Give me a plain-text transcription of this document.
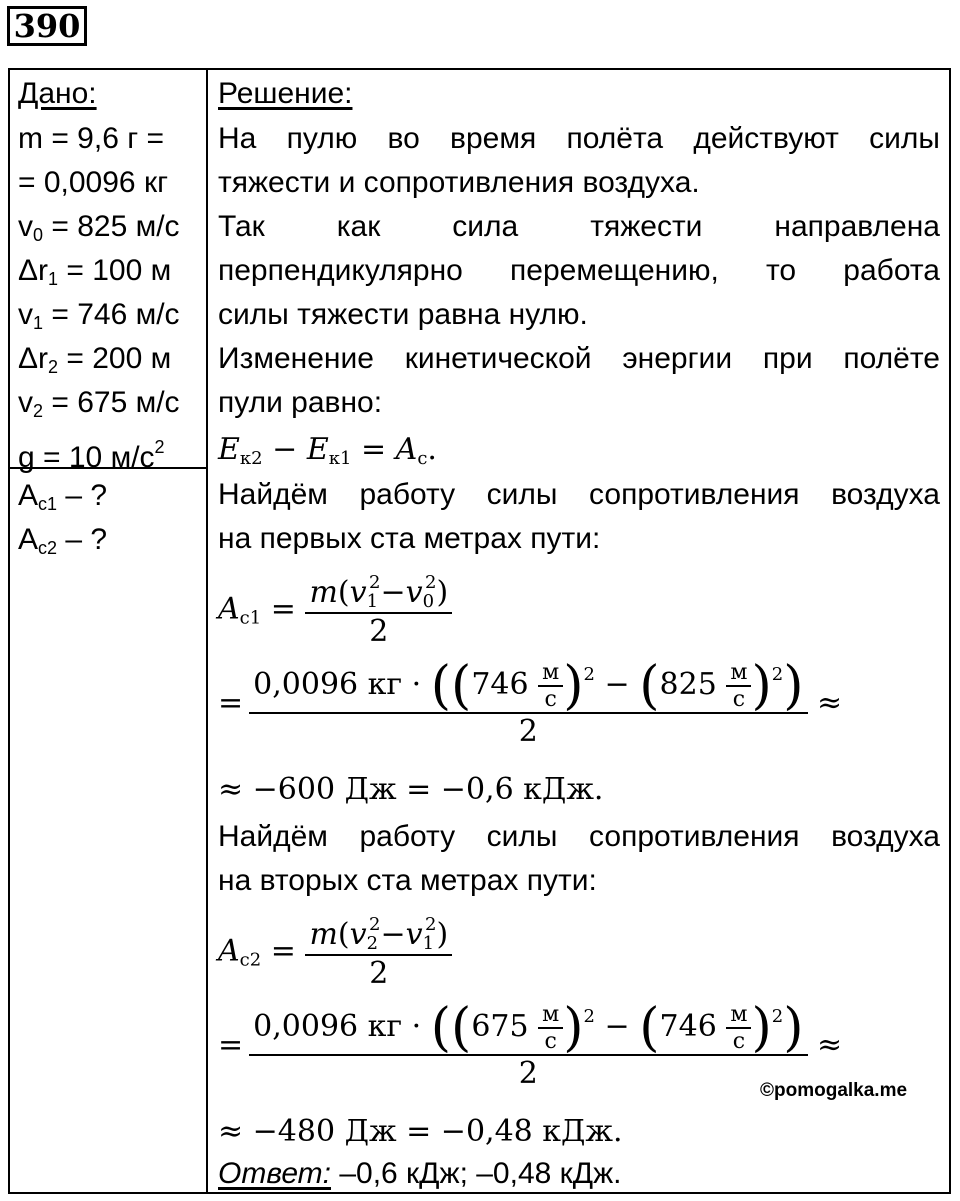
390
Дано:
m = 9,6 г =
= 0,0096 кг
$v_0 = 825$ м/с
$\Delta r_1 = 100$ м
$v_1 = 746$ м/с
$\Delta r_2 = 200$ м
$v_2 = 675$ м/с
g = 10 $м/с^2$
$A_{c1}$ – ?
$A_{c2}$ – ?
Решение:
На пулю во время полёта действуют силы
тяжести и сопротивления воздуха.
Так как сила тяжести направлена
перпендикулярно перемещению, то работа
силы тяжести равна нулю.
Изменение кинетической энергии при полёте
пули равно:
$E_{к2} - E_{к1} = A_с$.
Найдём работу силы сопротивления воздуха
на первых ста метрах пути:
$A_{с1} = \frac{m(v_1^2-v_0^2)}{2}$
= $\frac{0,0096 кг \cdot ((746 \frac{м}{с} )^2 - (825 \frac{м}{с} )^2)}{2}$ ≈
≈ −600 Дж = −0,6 кДж.
Найдём работу силы сопротивления воздуха
на вторых ста метрах пути:
$A_{с2} = \frac{m(v_2^2-v_1^2)}{2}$
= $\frac{0,0096 кг \cdot ((675 \frac{м}{с} )^2 - (746 \frac{м}{с} )^2)}{2}$ ≈
©pomogalka.me
≈ −480 Дж = −0,48 кДж.
Ответ: –0,6 кДж; –0,48 кДж.
